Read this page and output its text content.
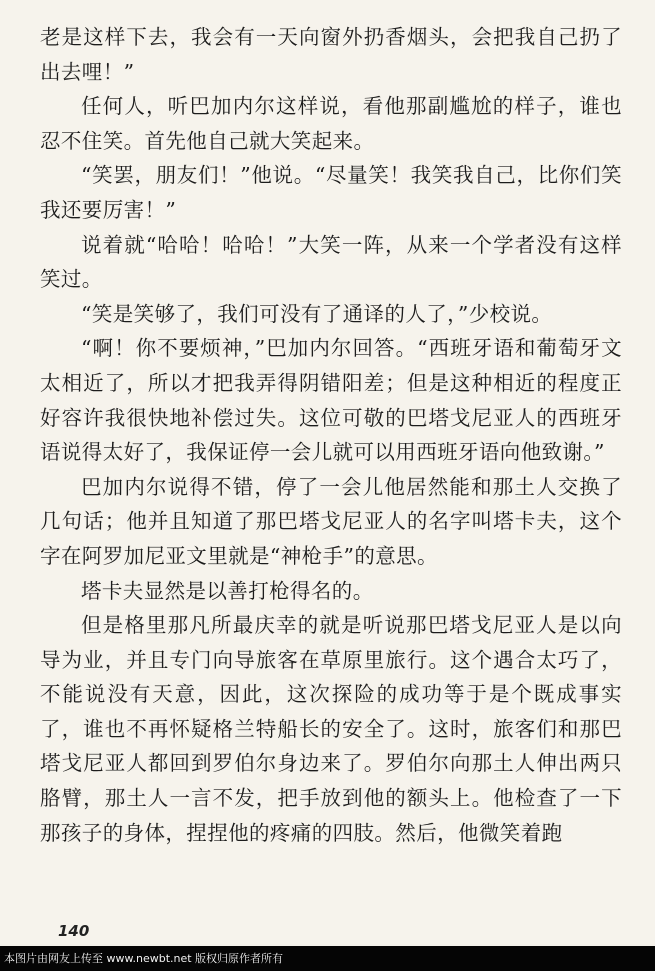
老是这样下去，我会有一天向窗外扔香烟头，会把我自己扔了出去哩！”

任何人，听巴加内尔这样说，看他那副尴尬的样子，谁也忍不住笑。首先他自己就大笑起来。

“笑罢，朋友们！”他说。“尽量笑！我笑我自己，比你们笑我还要厉害！”

说着就“哈哈！哈哈！”大笑一阵，从来一个学者没有这样笑过。

“笑是笑够了，我们可没有了通译的人了，”少校说。

“啊！你不要烦神，”巴加内尔回答。“西班牙语和葡萄牙文太相近了，所以才把我弄得阴错阳差；但是这种相近的程度正好容许我很快地补偿过失。这位可敬的巴塔戈尼亚人的西班牙语说得太好了，我保证停一会儿就可以用西班牙语向他致谢。”

巴加内尔说得不错，停了一会儿他居然能和那土人交换了几句话；他并且知道了那巴塔戈尼亚人的名字叫塔卡夫，这个字在阿罗加尼亚文里就是“神枪手”的意思。

塔卡夫显然是以善打枪得名的。

但是格里那凡所最庆幸的就是听说那巴塔戈尼亚人是以向导为业，并且专门向导旅客在草原里旅行。这个遇合太巧了，不能说没有天意，因此，这次探险的成功等于是个既成事实了，谁也不再怀疑格兰特船长的安全了。这时，旅客们和那巴塔戈尼亚人都回到罗伯尔身边来了。罗伯尔向那土人伸出两只胳臂，那土人一言不发，把手放到他的额头上。他检查了一下那孩子的身体，捏捏他的疼痛的四肢。然后，他微笑着跑

140
本图片由网友上传至 www.newbt.net 版权归原作者所有
